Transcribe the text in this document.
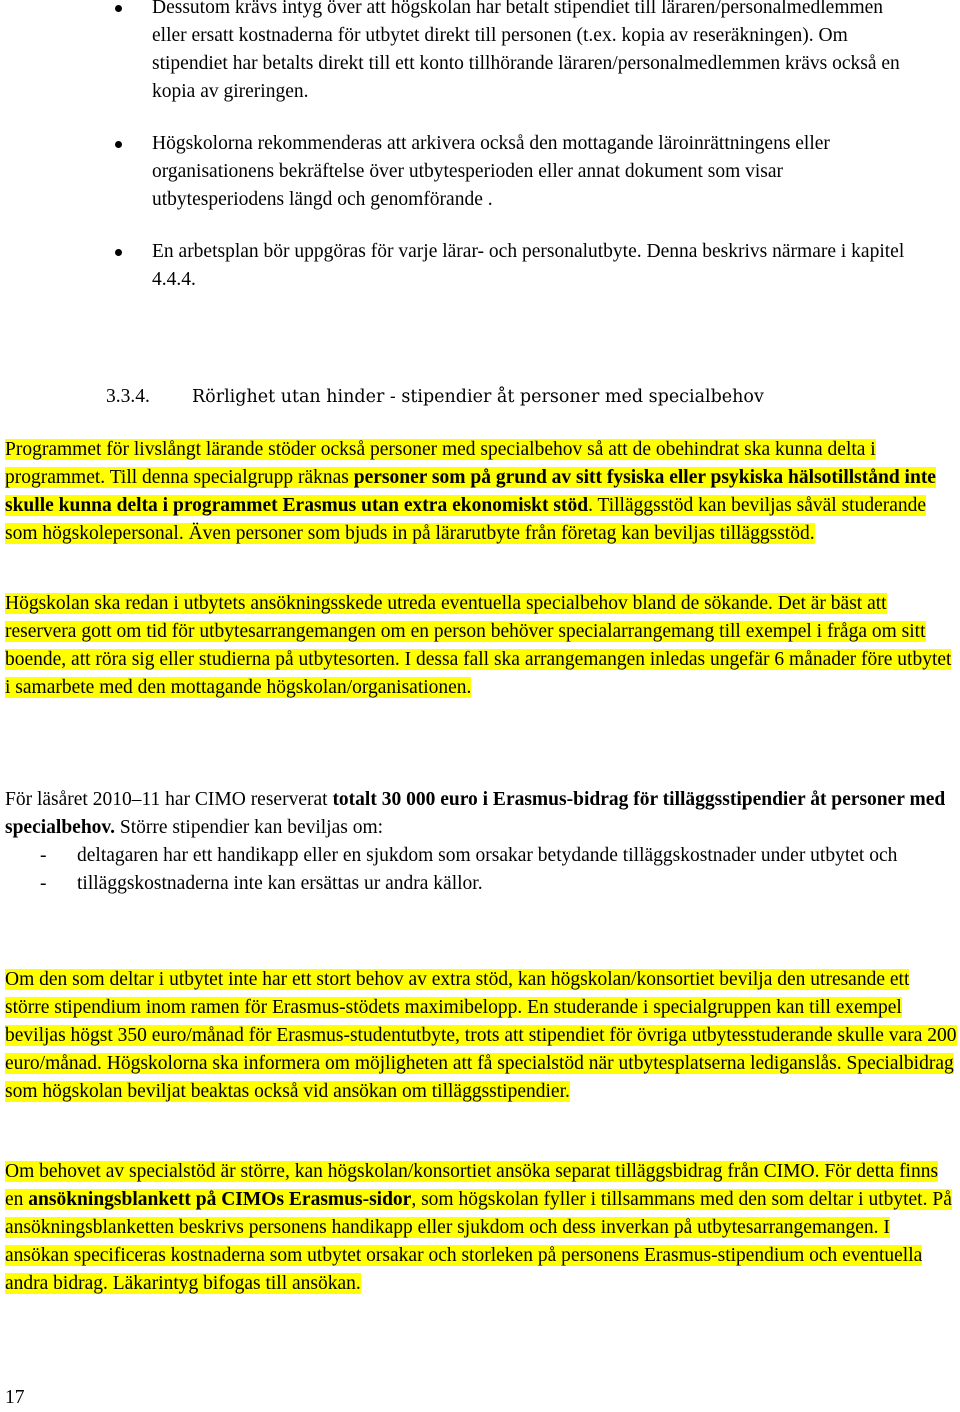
Dessutom krävs intyg över att högskolan har betalt stipendiet till läraren/personalmedlemmen eller ersatt kostnaderna för utbytet direkt till personen (t.ex. kopia av reseräkningen). Om stipendiet har betalts direkt till ett konto tillhörande läraren/personalmedlemmen krävs också en kopia av gireringen.
Högskolorna rekommenderas att arkivera också den mottagande läroinrättningens eller organisationens bekräftelse över utbytesperioden eller annat dokument som visar utbytesperiodens längd och genomförande .
En arbetsplan bör uppgöras för varje lärar- och personalutbyte. Denna beskrivs närmare i kapitel 4.4.4.
3.3.4. Rörlighet utan hinder - stipendier åt personer med specialbehov

Programmet för livslångt lärande stöder också personer med specialbehov så att de obehindrat ska kunna delta i programmet. Till denna specialgrupp räknas personer som på grund av sitt fysiska eller psykiska hälsotillstånd inte skulle kunna delta i programmet Erasmus utan extra ekonomiskt stöd. Tilläggsstöd kan beviljas såväl studerande som högskolepersonal. Även personer som bjuds in på lärarutbyte från företag kan beviljas tilläggsstöd.

Högskolan ska redan i utbytets ansökningsskede utreda eventuella specialbehov bland de sökande. Det är bäst att reservera gott om tid för utbytesarrangemangen om en person behöver specialarrangemang till exempel i fråga om sitt boende, att röra sig eller studierna på utbytesorten. I dessa fall ska arrangemangen inledas ungefär 6 månader före utbytet i samarbete med den mottagande högskolan/organisationen.

För läsåret 2010–11 har CIMO reserverat totalt 30 000 euro i Erasmus-bidrag för tilläggsstipendier åt personer med specialbehov. Större stipendier kan beviljas om:

- deltagaren har ett handikapp eller en sjukdom som orsakar betydande tilläggskostnader under utbytet och
- tilläggskostnaderna inte kan ersättas ur andra källor.

Om den som deltar i utbytet inte har ett stort behov av extra stöd, kan högskolan/konsortiet bevilja den utresande ett större stipendium inom ramen för Erasmus-stödets maximibelopp. En studerande i specialgruppen kan till exempel beviljas högst 350 euro/månad för Erasmus-studentutbyte, trots att stipendiet för övriga utbytesstuderande skulle vara 200 euro/månad. Högskolorna ska informera om möjligheten att få specialstöd när utbytesplatserna lediganslås. Specialbidrag som högskolan beviljat beaktas också vid ansökan om tilläggsstipendier.

Om behovet av specialstöd är större, kan högskolan/konsortiet ansöka separat tilläggsbidrag från CIMO. För detta finns en ansökningsblankett på CIMOs Erasmus-sidor, som högskolan fyller i tillsammans med den som deltar i utbytet. På ansökningsblanketten beskrivs personens handikapp eller sjukdom och dess inverkan på utbytesarrangemangen. I ansökan specificeras kostnaderna som utbytet orsakar och storleken på personens Erasmus-stipendium och eventuella andra bidrag. Läkarintyg bifogas till ansökan.

17
